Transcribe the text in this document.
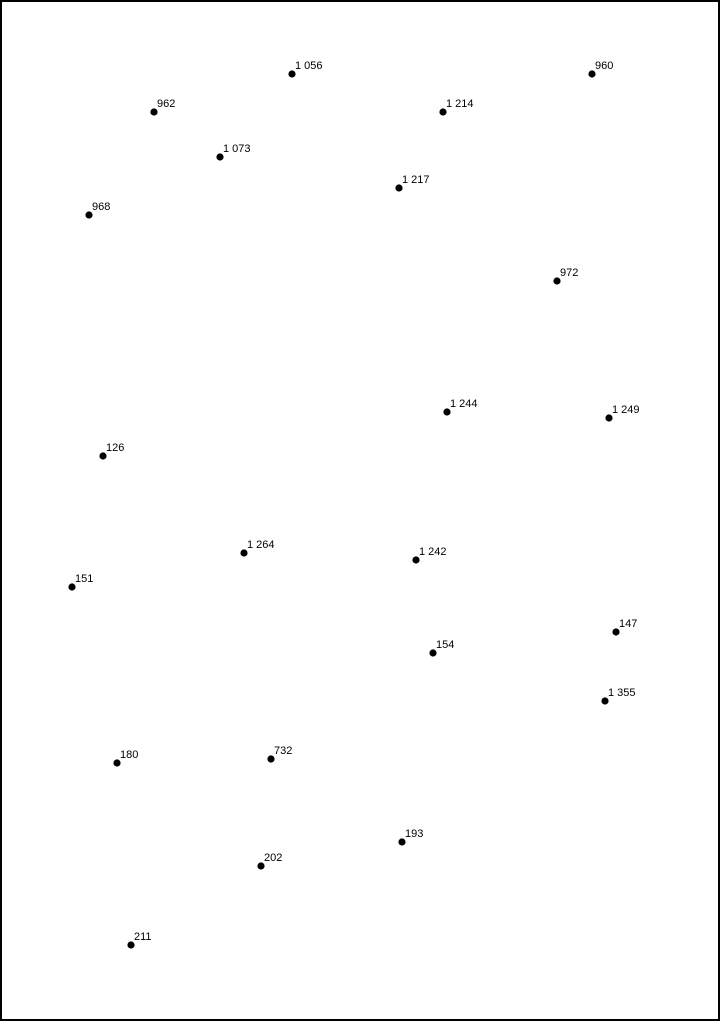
1 056	960
962	1 214
1 073
1 217
968
972
1 244	1 249
126
1 264
1 242
151
147
154
1 355
180	732
193
202
211
